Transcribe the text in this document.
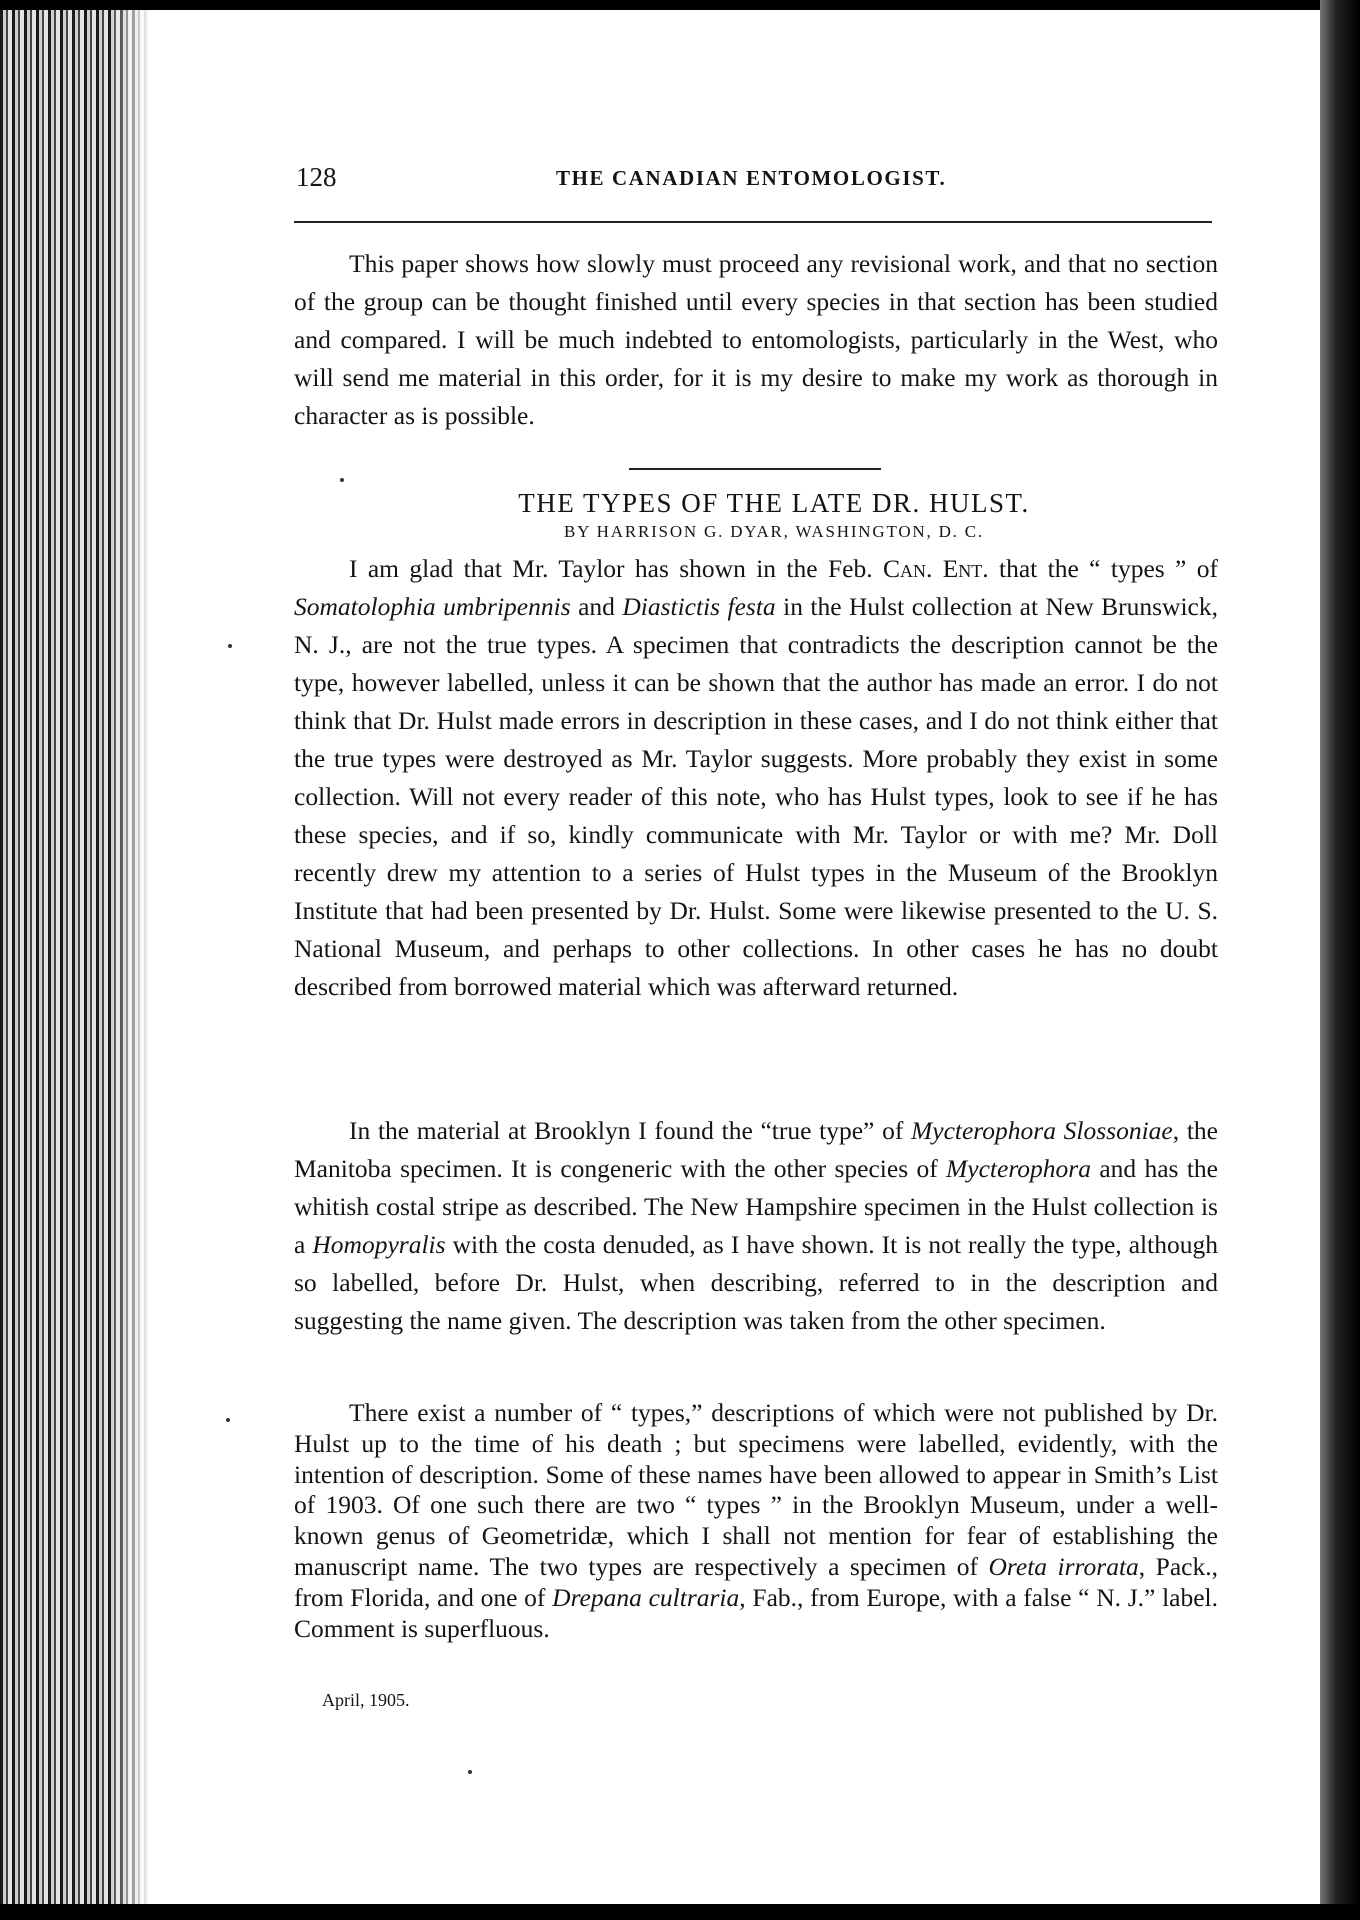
128	THE CANADIAN ENTOMOLOGIST.

This paper shows how slowly must proceed any revisional work, and that no section of the group can be thought finished until every species in that section has been studied and compared. I will be much indebted to entomologists, particularly in the West, who will send me material in this order, for it is my desire to make my work as thorough in character as is possible.

THE TYPES OF THE LATE DR. HULST.
BY HARRISON G. DYAR, WASHINGTON, D. C.

I am glad that Mr. Taylor has shown in the Feb. Can. Ent. that the “ types ” of Somatolophia umbripennis and Diastictis festa in the Hulst collection at New Brunswick, N. J., are not the true types. A specimen that contradicts the description cannot be the type, however labelled, unless it can be shown that the author has made an error. I do not think that Dr. Hulst made errors in description in these cases, and I do not think either that the true types were destroyed as Mr. Taylor suggests. More probably they exist in some collection. Will not every reader of this note, who has Hulst types, look to see if he has these species, and if so, kindly communicate with Mr. Taylor or with me? Mr. Doll recently drew my attention to a series of Hulst types in the Museum of the Brooklyn Institute that had been presented by Dr. Hulst. Some were likewise presented to the U. S. National Museum, and perhaps to other collections. In other cases he has no doubt described from borrowed material which was afterward returned.

In the material at Brooklyn I found the “true type” of Mycterophora Slossoniae, the Manitoba specimen. It is congeneric with the other species of Mycterophora and has the whitish costal stripe as described. The New Hampshire specimen in the Hulst collection is a Homopyralis with the costa denuded, as I have shown. It is not really the type, although so labelled, before Dr. Hulst, when describing, referred to in the description and suggesting the name given. The description was taken from the other specimen.

There exist a number of “ types,” descriptions of which were not published by Dr. Hulst up to the time of his death ; but specimens were labelled, evidently, with the intention of description. Some of these names have been allowed to appear in Smith’s List of 1903. Of one such there are two “ types ” in the Brooklyn Museum, under a well-known genus of Geometridæ, which I shall not mention for fear of establishing the manuscript name. The two types are respectively a specimen of Oreta irrorata, Pack., from Florida, and one of Drepana cultraria, Fab., from Europe, with a false “ N. J.” label. Comment is superfluous.

April, 1905.
